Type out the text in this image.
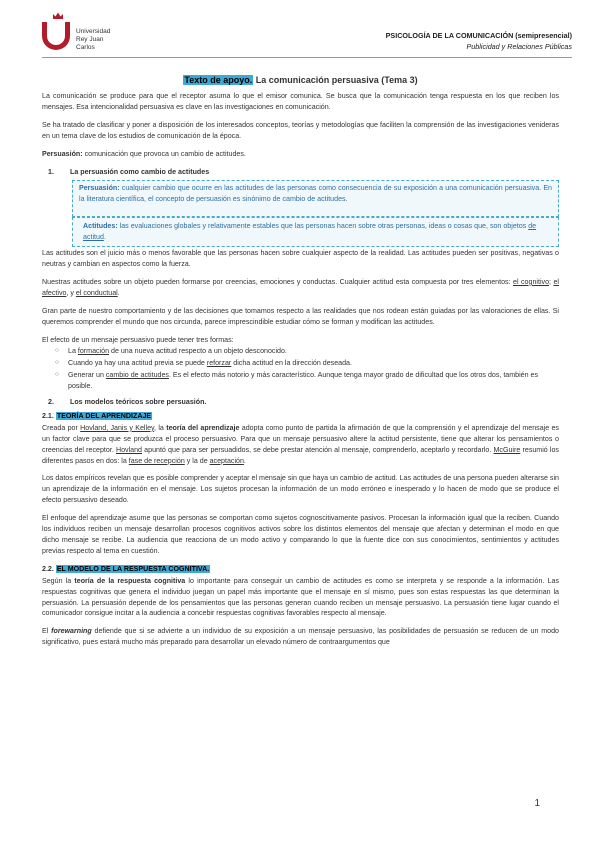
Universidad Rey Juan Carlos
PSICOLOGÍA DE LA COMUNICACIÓN (semipresencial)
Publicidad y Relaciones Públicas
Texto de apoyo. La comunicación persuasiva (Tema 3)

La comunicación se produce para que el receptor asuma lo que el emisor comunica. Se busca que la comunicación tenga respuesta en los que reciben los mensajes. Esa intencionalidad persuasiva es clave en las investigaciones en comunicación.

Se ha tratado de clasificar y poner a disposición de los interesados conceptos, teorías y metodologías que faciliten la comprensión de las investigaciones venideras en un tema clave de los estudios de comunicación de la época.

Persuasión: comunicación que provoca un cambio de actitudes.

1. La persuasión como cambio de actitudes

Persuasión: cualquier cambio que ocurre en las actitudes de las personas como consecuencia de su exposición a una comunicación persuasiva. En la literatura científica, el concepto de persuasión es sinónimo de cambio de actitudes.

Actitudes: las evaluaciones globales y relativamente estables que las personas hacen sobre otras personas, ideas o cosas que, son objetos de actitud.

Las actitudes son el juicio más o menos favorable que las personas hacen sobre cualquier aspecto de la realidad. Las actitudes pueden ser positivas, negativas o neutras y cambian en aspectos como la fuerza.

Nuestras actitudes sobre un objeto pueden formarse por creencias, emociones y conductas. Cualquier actitud esta compuesta por tres elementos: el cognitivo; el afectivo, y el conductual.

Gran parte de nuestro comportamiento y de las decisiones que tomamos respecto a las realidades que nos rodean están guiadas por las valoraciones de ellas. Si queremos comprender el mundo que nos circunda, parece imprescindible estudiar cómo se forman y modifican las actitudes.

El efecto de un mensaje persuasivo puede tener tres formas:

○ La formación de una nueva actitud respecto a un objeto desconocido.
○ Cuando ya hay una actitud previa se puede reforzar dicha actitud en la dirección deseada.
○ Generar un cambio de actitudes. Es el efecto más notorio y más característico. Aunque tenga mayor grado de dificultad que los otros dos, también es posible.
2. Los modelos teóricos sobre persuasión.
2.1. TEORÍA DEL APRENDIZAJE

Creada por Hovland, Janis y Kelley, la teoría del aprendizaje adopta como punto de partida la afirmación de que la comprensión y el aprendizaje del mensaje es un factor clave para que se produzca el proceso persuasivo. Para que un mensaje persuasivo altere la actitud persistente, tiene que alterar los pensamientos o creencias del receptor. Hovland apuntó que para ser persuadidos, se debe prestar atención al mensaje, comprenderlo, aceptarlo y recordarlo. McGuire resumió los diferentes pasos en dos: la fase de recepción y la de aceptación.

Los datos empíricos revelan que es posible comprender y aceptar el mensaje sin que haya un cambio de actitud. Las actitudes de una persona pueden alterarse sin un aprendizaje de la información en el mensaje. Los sujetos procesan la información de un modo erróneo e inesperado y lo hacen de modo que se produce el efecto persuasivo deseado.

El enfoque del aprendizaje asume que las personas se comportan como sujetos cognoscitivamente pasivos. Procesan la información igual que la reciben. Cuando los individuos reciben un mensaje desarrollan procesos cognitivos activos sobre los distintos elementos del mensaje que afectan y determinan el modo en que dicho mensaje se recibe. La audiencia que reacciona de un modo activo y comparando lo que la fuente dice con sus conocimientos, sentimientos y actitudes previas respecto al tema en cuestión.

2.2. EL MODELO DE LA RESPUESTA COGNITIVA.

Según la teoría de la respuesta cognitiva lo importante para conseguir un cambio de actitudes es como se interpreta y se responde a la información. Las respuestas cognitivas que genera el individuo juegan un papel más importante que el mensaje en sí mismo, pues son estas respuestas las que determinan la persuasión. La persuasión depende de los pensamientos que las personas generan cuando reciben un mensaje persuasivo. La persuasión tiene lugar cuando el comunicador consigue incitar a la audiencia a concebir respuestas cognitivas favorables respecto al mensaje.

El forewarning defiende que si se advierte a un individuo de su exposición a un mensaje persuasivo, las posibilidades de persuasión se reducen de un modo significativo, pues estará mucho más preparado para desarrollar un elevado número de contraargumentos que

1
